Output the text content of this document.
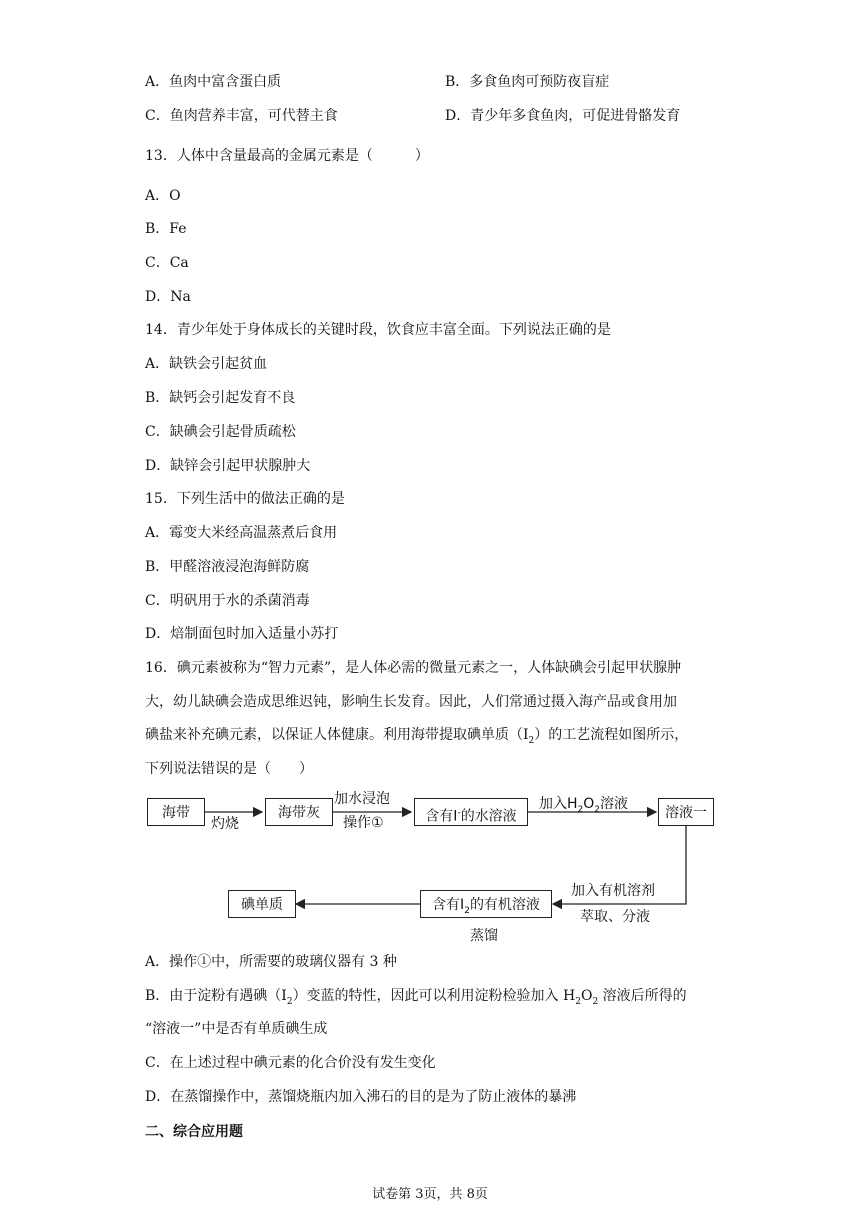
A．鱼肉中富含蛋白质	B．多食鱼肉可预防夜盲症
C．鱼肉营养丰富，可代替主食	D．青少年多食鱼肉，可促进骨骼发育
13．人体中含量最高的金属元素是（　　　）
A．O
B．Fe
C．Ca
D．Na
14．青少年处于身体成长的关键时段，饮食应丰富全面。下列说法正确的是
A．缺铁会引起贫血
B．缺钙会引起发育不良
C．缺碘会引起骨质疏松
D．缺锌会引起甲状腺肿大
15．下列生活中的做法正确的是
A．霉变大米经高温蒸煮后食用
B．甲醛溶液浸泡海鲜防腐
C．明矾用于水的杀菌消毒
D．焙制面包时加入适量小苏打
16．碘元素被称为“智力元素”，是人体必需的微量元素之一，人体缺碘会引起甲状腺肿
大，幼儿缺碘会造成思维迟钝，影响生长发育。因此，人们常通过摄入海产品或食用加
碘盐来补充碘元素，以保证人体健康。利用海带提取碘单质$(I_2)$的工艺流程如图所示，
下列说法错误的是（　　）
海带	海带灰	含有I-的水溶液	溶液一
含有$I_2$的有机溶液
碘单质
灼烧
加水浸泡
操作①
加入$H_2O_2$溶液
加入有机溶剂
萃取、分液
蒸馏
A．操作①中，所需要的玻璃仪器有 3 种
B．由于淀粉有遇碘$(I_2)$变蓝的特性，因此可以利用淀粉检验加入 $H_2O_2$ 溶液后所得的
“溶液一”中是否有单质碘生成
C．在上述过程中碘元素的化合价没有发生变化
D．在蒸馏操作中，蒸馏烧瓶内加入沸石的目的是为了防止液体的暴沸
二、综合应用题
试卷第 3页，共 8页
